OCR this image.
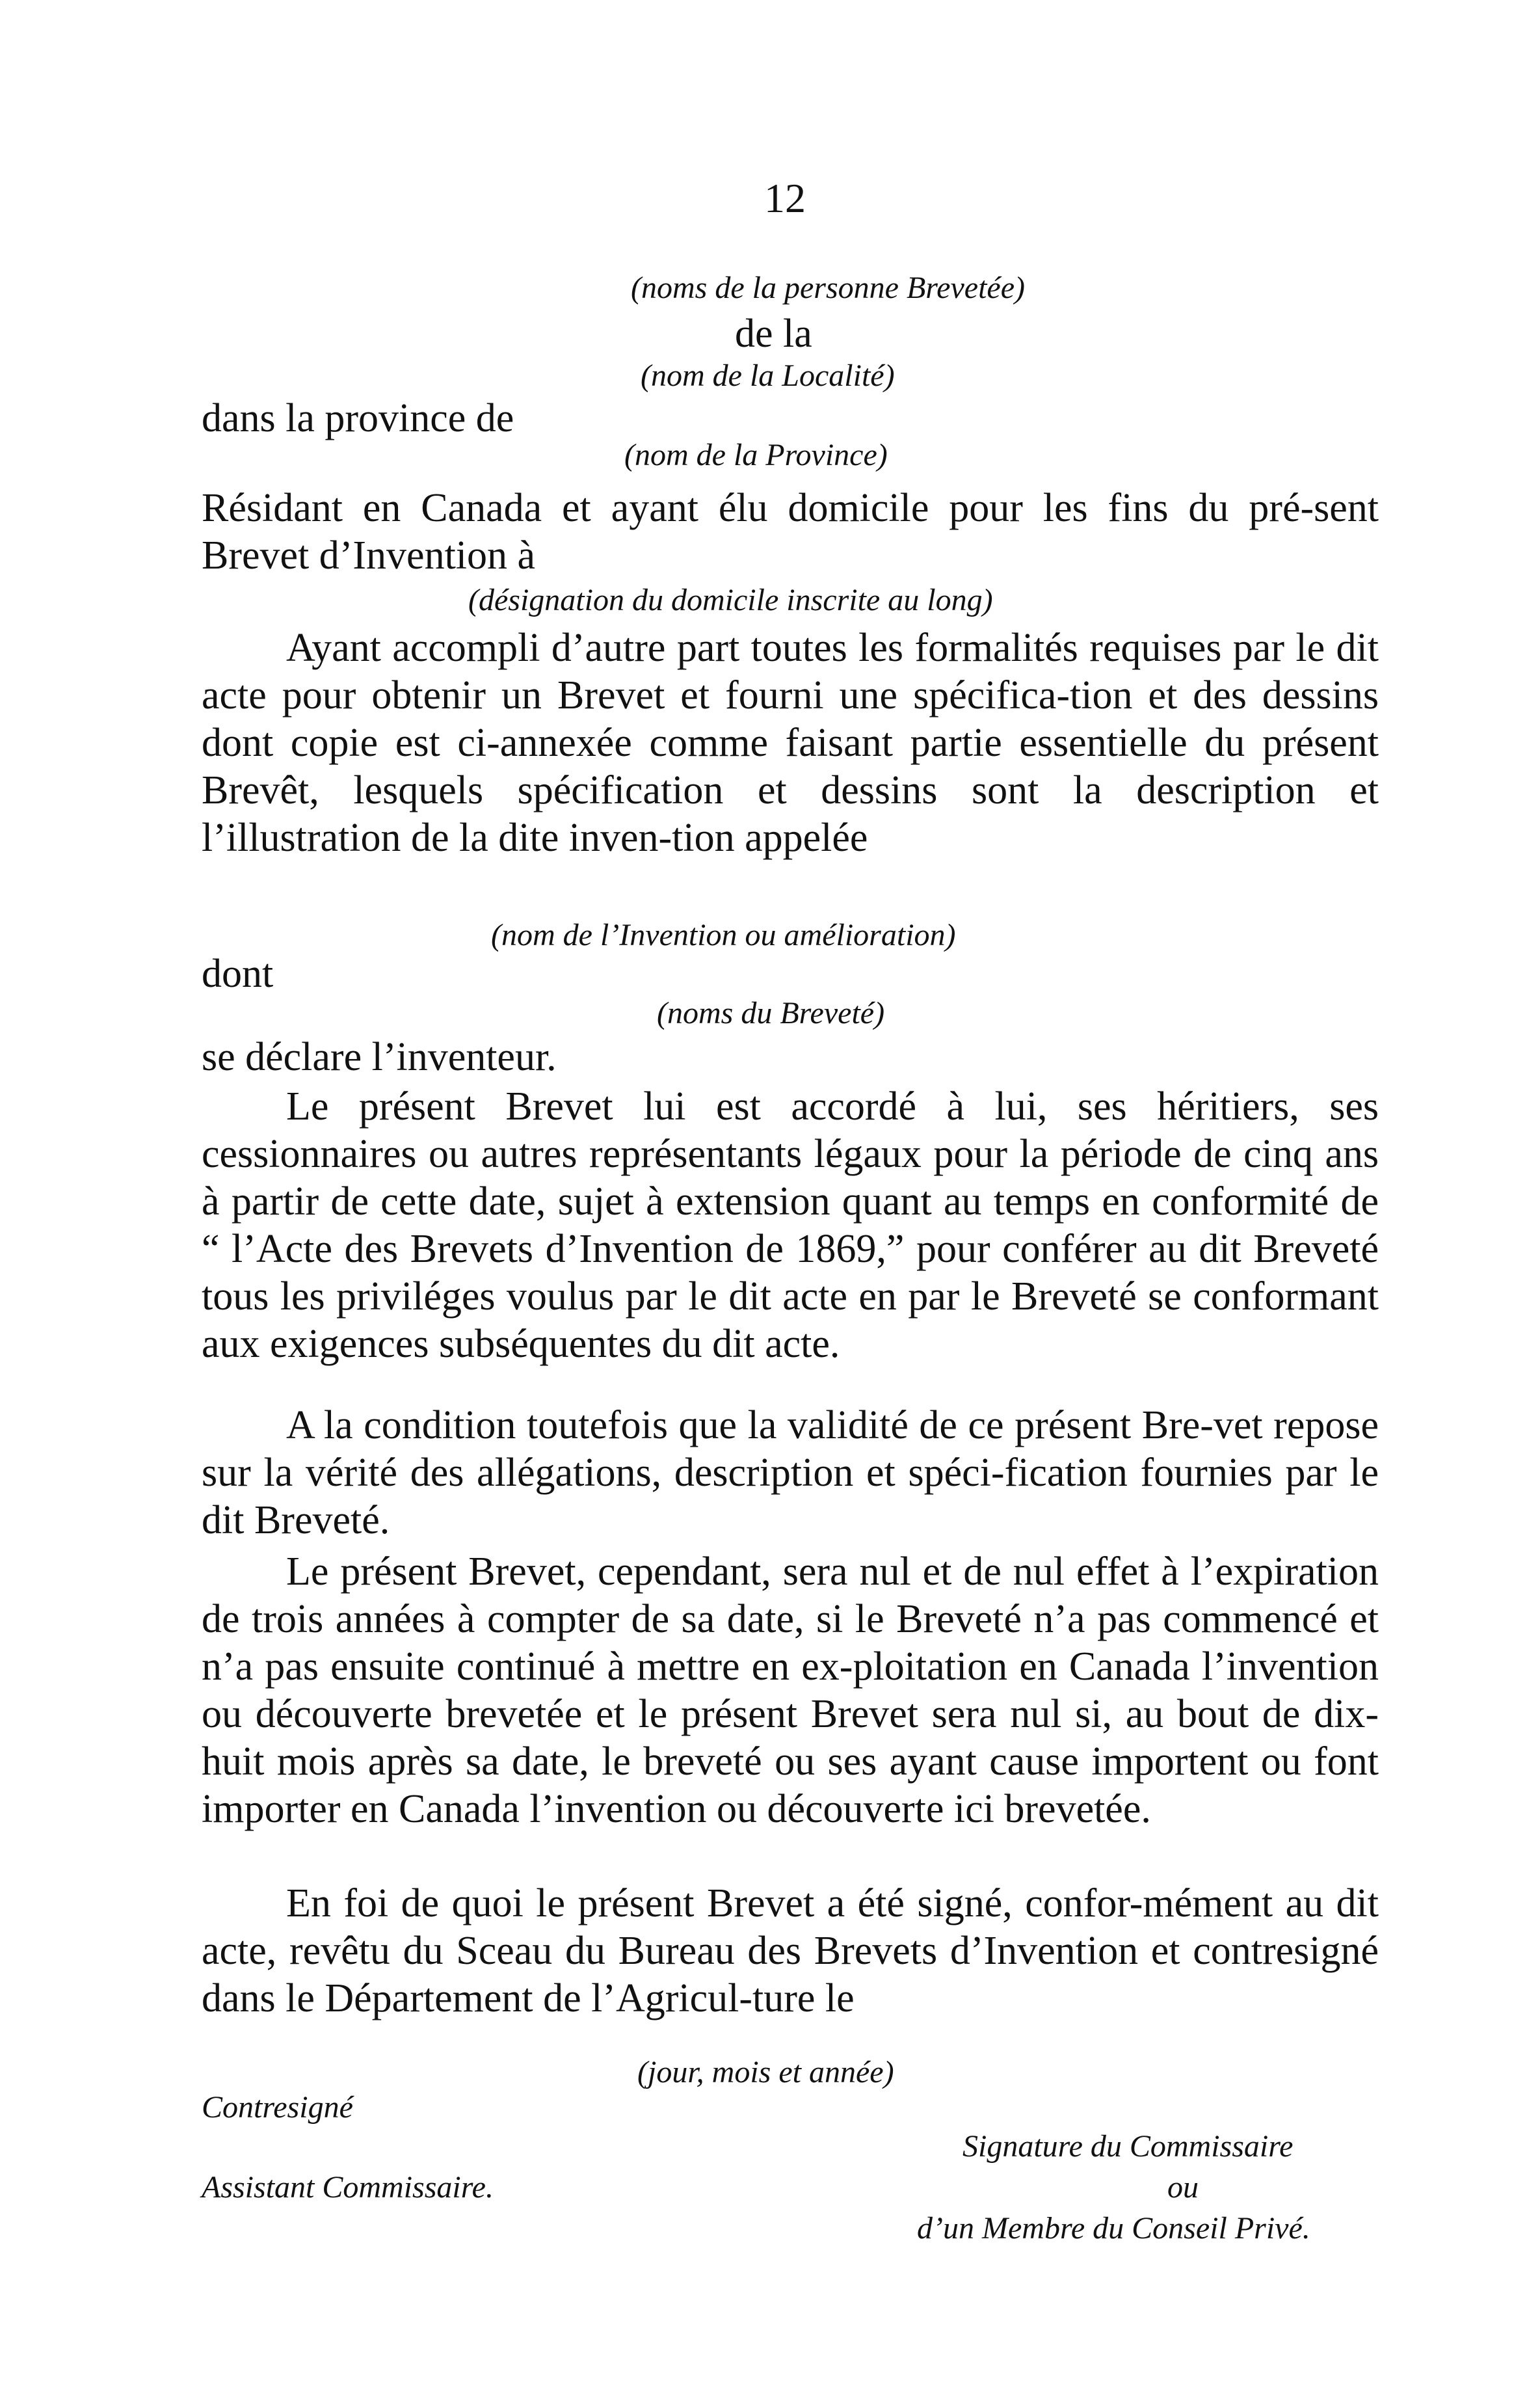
12
(noms de la personne Brevetée)
de la
(nom de la Localité)
dans la province de
(nom de la Province)
Résidant en Canada et ayant élu domicile pour les fins du pré-sent Brevet d’Invention à
(désignation du domicile inscrite au long)
Ayant accompli d’autre part toutes les formalités requises par le dit acte pour obtenir un Brevet et fourni une spécifica-tion et des dessins dont copie est ci-annexée comme faisant partie essentielle du présent Brevêt, lesquels spécification et dessins sont la description et l’illustration de la dite inven-tion appelée
(nom de l’Invention ou amélioration)
dont
(noms du Breveté)
se déclare l’inventeur.
Le présent Brevet lui est accordé à lui, ses héritiers, ses cessionnaires ou autres représentants légaux pour la période de cinq ans à partir de cette date, sujet à extension quant au temps en conformité de “ l’Acte des Brevets d’Invention de 1869,” pour conférer au dit Breveté tous les priviléges voulus par le dit acte en par le Breveté se conformant aux exigences subséquentes du dit acte.
A la condition toutefois que la validité de ce présent Bre-vet repose sur la vérité des allégations, description et spéci-fication fournies par le dit Breveté.
Le présent Brevet, cependant, sera nul et de nul effet à l’expiration de trois années à compter de sa date, si le Breveté n’a pas commencé et n’a pas ensuite continué à mettre en ex-ploitation en Canada l’invention ou découverte brevetée et le présent Brevet sera nul si, au bout de dix-huit mois après sa date, le breveté ou ses ayant cause importent ou font importer en Canada l’invention ou découverte ici brevetée.
En foi de quoi le présent Brevet a été signé, confor-mément au dit acte, revêtu du Sceau du Bureau des Brevets d’Invention et contresigné dans le Département de l’Agricul-ture le
(jour, mois et année)
Contresigné
Signature du Commissaire
Assistant Commissaire.	ou
d’un Membre du Conseil Privé.
